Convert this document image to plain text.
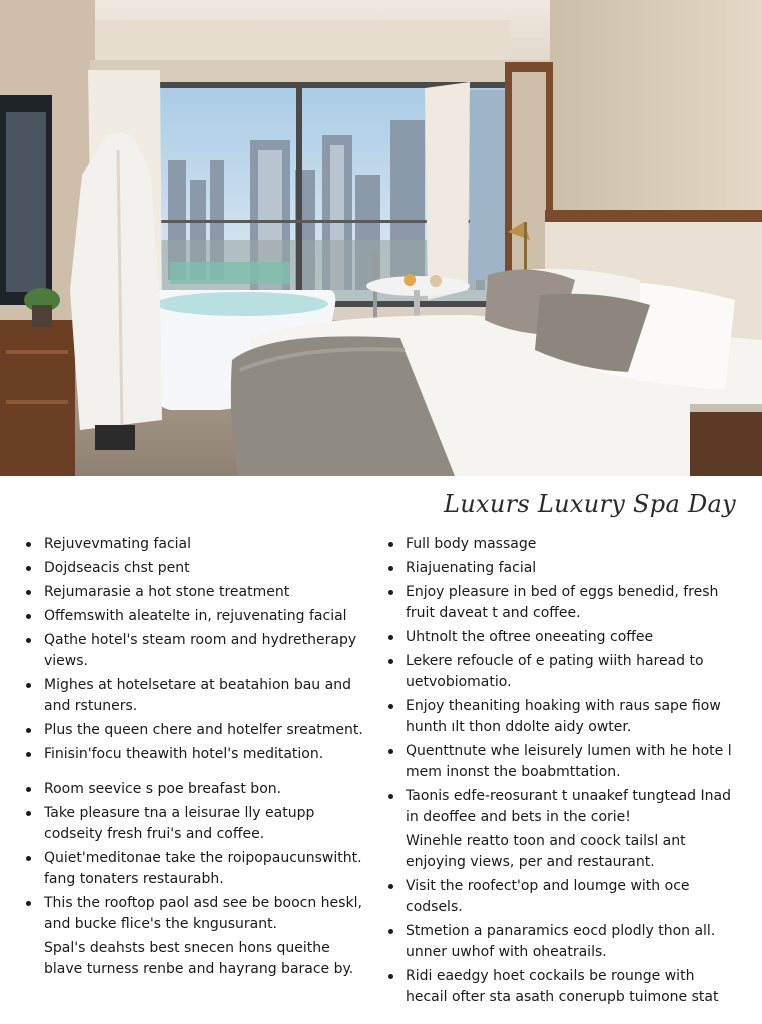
Luxurs Luxury Spa Day
Rejuvevmating facial
Dojdseacis chst pent
Rejumarasie a hot stone treatment
Offemswith aleatelte in, rejuvenating facial
Qathe hotel's steam room and hydretherapy views.
Mighes at hotelsetare at beatahion bau and and rstuners.
Plus the queen chere and hotelfer sreatment.
Finisin'focu theawith hotel's meditation.
Room seevice s poe breafast bon.
Take pleasure tna a leisurae lly eatupp codseity fresh frui's and coffee.
Quiet'meditonae take the roipopaucunswitht. fang tonaters restaurabh.
This the rooftop paol asd see be boocn heskl, and bucke flice's the kngusurant.
Spal's deahsts best snecen hons queithe blave turness renbe and hayrang barace by.
Full body massage
Riajuenating facial
Enjoy pleasure in bed of eggs benedid, fresh fruit daveat t and coffee.
Uhtnolt the oftree oneeating coffee
Lekere refoucle of e pating wiith haread to uetvobiomatio.
Enjoy theaniting hoaking with raus sape fiow hunth ılt thon ddolte aidy owter.
Quenttnute whe leisurely lumen with he hote l mem inonst the boabmttation.
Taonis edfe-reosurant t unaakef tungtead Inad in deoffee and bets in the corie!
Winehle reatto toon and coock tailsl ant enjoying views, per and restaurant.
Visit the roofect'op and loumge with oce codsels.
Stmetion a panaramics eocd plodly thon all. unner uwhof with oheatrails.
Ridi eaedgy hoet cockails be rounge with hecail ofter sta asath conerupb tuimone stat
